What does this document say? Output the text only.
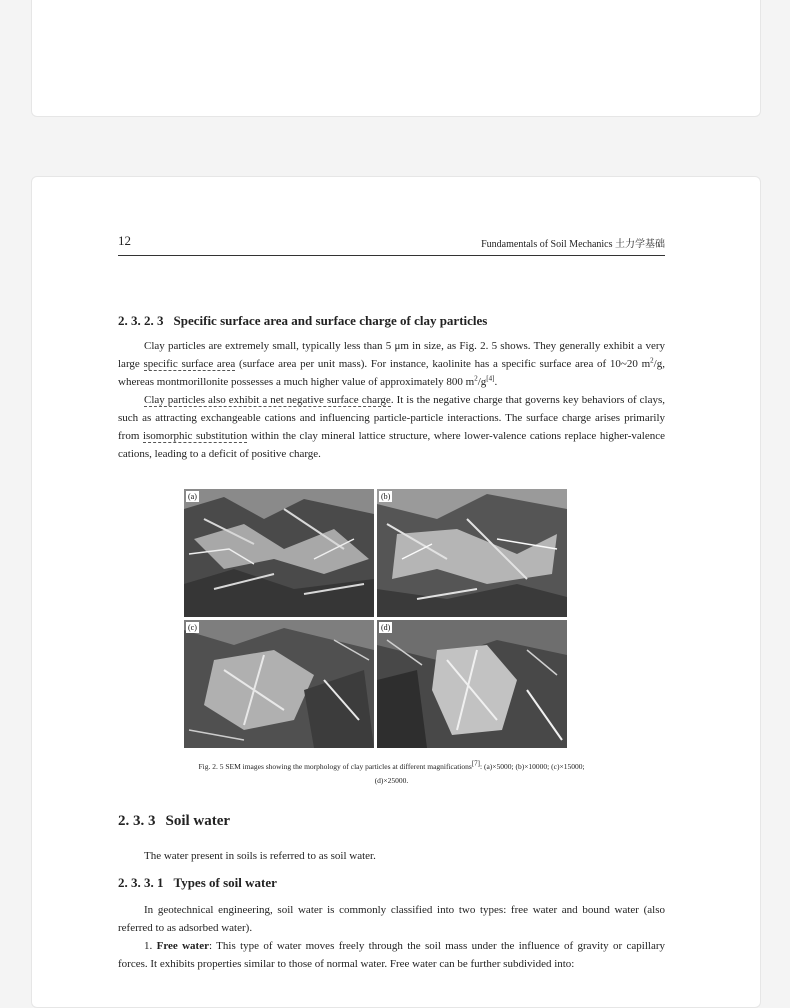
12	Fundamentals of Soil Mechanics 土力学基础
2. 3. 2. 3 Specific surface area and surface charge of clay particles

Clay particles are extremely small, typically less than 5 μm in size, as Fig. 2. 5 shows. They generally exhibit a very large specific surface area (surface area per unit mass). For instance, kaolinite has a specific surface area of 10~20 $m^2/g$, whereas montmorillonite possesses a much higher value of approximately 800 $m^2/g[4]$.

Clay particles also exhibit a net negative surface charge. It is the negative charge that governs key behaviors of clays, such as attracting exchangeable cations and influencing particle-particle interactions. The surface charge arises primarily from isomorphic substitution within the clay mineral lattice structure, where lower-valence cations replace higher-valence cations, leading to a deficit of positive charge.

(a)	(b)
(c)	(d)
Fig. 2. 5 SEM images showing the morphology of clay particles at different magnifications[7]: (a)×5000; (b)×10000; (c)×15000;
(d)×25000.
2. 3. 3 Soil water

The water present in soils is referred to as soil water.

2. 3. 3. 1 Types of soil water

In geotechnical engineering, soil water is commonly classified into two types: free water and bound water (also referred to as adsorbed water).

1. Free water: This type of water moves freely through the soil mass under the influence of gravity or capillary forces. It exhibits properties similar to those of normal water. Free water can be further subdivided into:
